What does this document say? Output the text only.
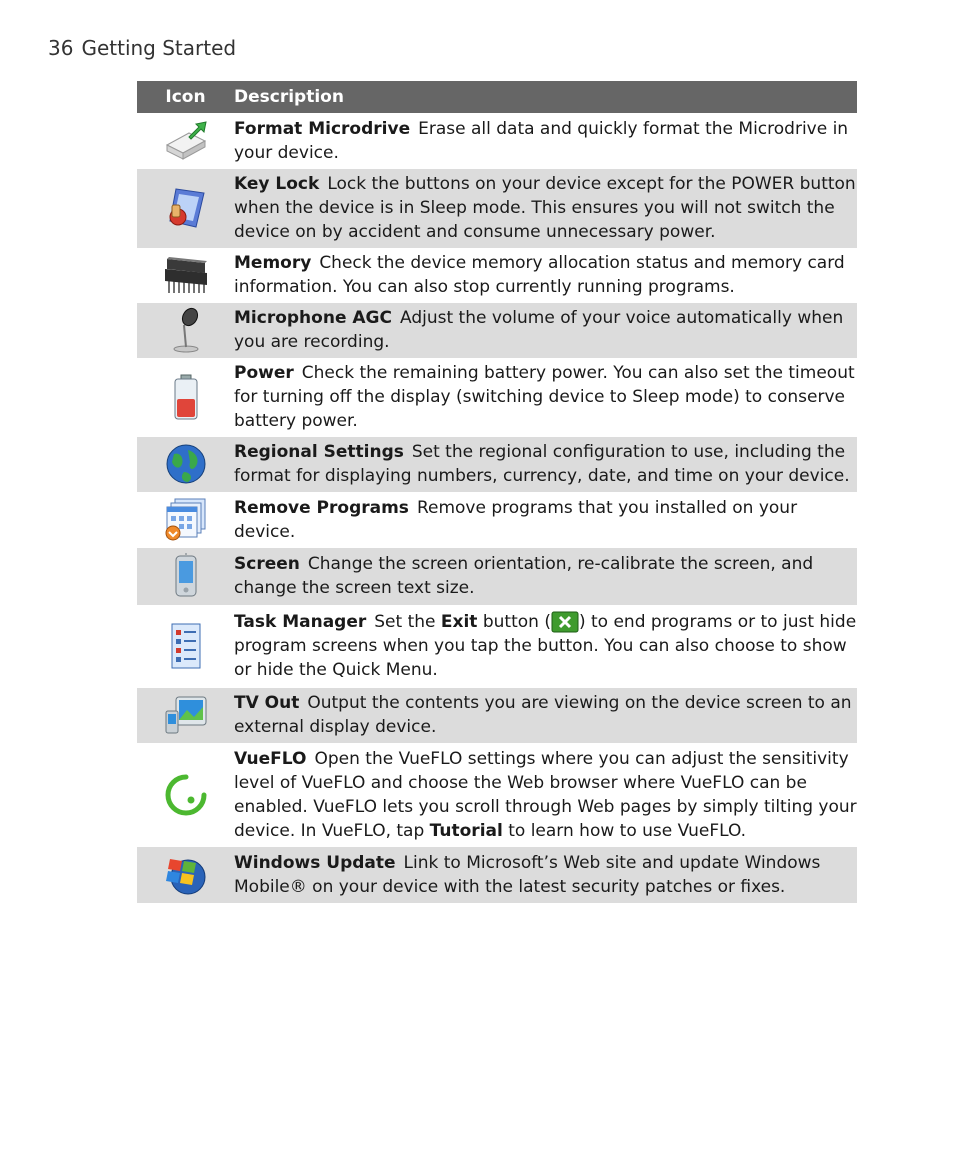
36 Getting Started
Icon	Description
	Format Microdrive Erase all data and quickly format the Microdrive in your device.
	Key Lock Lock the buttons on your device except for the POWER button when the device is in Sleep mode. This ensures you will not switch the device on by accident and consume unnecessary power.
	Memory Check the device memory allocation status and memory card information. You can also stop currently running programs.
	Microphone AGC Adjust the volume of your voice automatically when you are recording.
	Power Check the remaining battery power. You can also set the timeout for turning off the display (switching device to Sleep mode) to conserve battery power.
	Regional Settings Set the regional configuration to use, including the format for displaying numbers, currency, date, and time on your device.
	Remove Programs Remove programs that you installed on your device.
	Screen Change the screen orientation, re-calibrate the screen, and change the screen text size.
	Task Manager Set the Exit button ( ) to end programs or to just hide program screens when you tap the button. You can also choose to show or hide the Quick Menu.
	TV Out Output the contents you are viewing on the device screen to an external display device.
	VueFLO Open the VueFLO settings where you can adjust the sensitivity level of VueFLO and choose the Web browser where VueFLO can be enabled. VueFLO lets you scroll through Web pages by simply tilting your device. In VueFLO, tap Tutorial to learn how to use VueFLO.
	Windows Update Link to Microsoft’s Web site and update Windows Mobile® on your device with the latest security patches or fixes.
